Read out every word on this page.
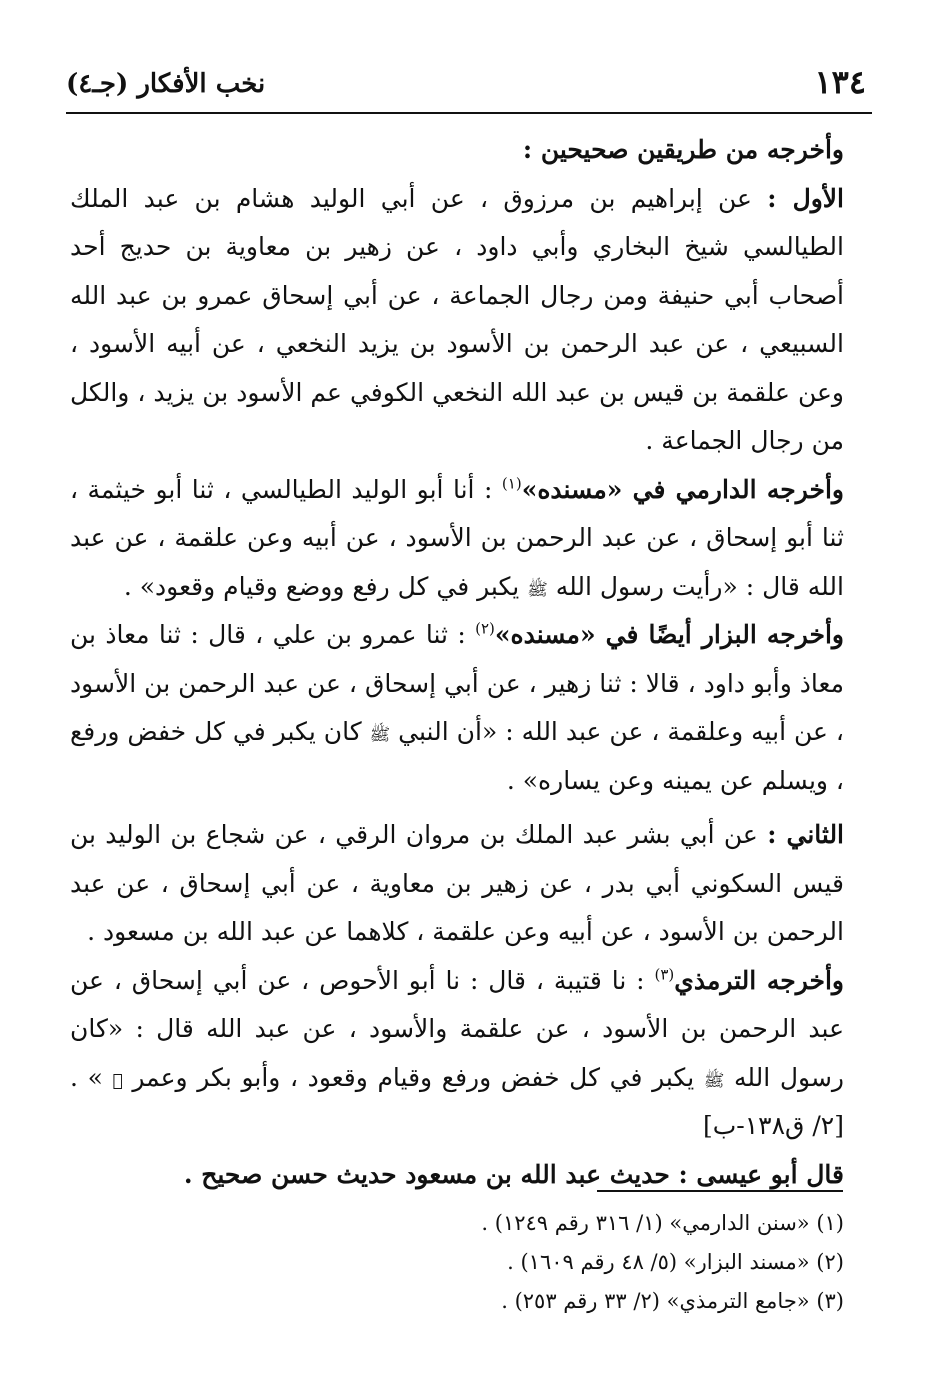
١٣٤
نخب الأفكار (جـ٤)

وأخرجه من طريقين صحيحين :

الأول : عن إبراهيم بن مرزوق ، عن أبي الوليد هشام بن عبد الملك الطيالسي شيخ البخاري وأبي داود ، عن زهير بن معاوية بن حديج أحد أصحاب أبي حنيفة ومن رجال الجماعة ، عن أبي إسحاق عمرو بن عبد الله السبيعي ، عن عبد الرحمن بن الأسود بن يزيد النخعي ، عن أبيه الأسود ، وعن علقمة بن قيس بن عبد الله النخعي الكوفي عم الأسود بن يزيد ، والكل من رجال الجماعة .

وأخرجه الدارمي في «مسنده»$^{(١)}$ : أنا أبو الوليد الطيالسي ، ثنا أبو خيثمة ، ثنا أبو إسحاق ، عن عبد الرحمن بن الأسود ، عن أبيه وعن علقمة ، عن عبد الله قال : «رأيت رسول الله ﷺ يكبر في كل رفع ووضع وقيام وقعود» .

وأخرجه البزار أيضًا في «مسنده»$^{(٢)}$ : ثنا عمرو بن علي ، قال : ثنا معاذ بن معاذ وأبو داود ، قالا : ثنا زهير ، عن أبي إسحاق ، عن عبد الرحمن بن الأسود ، عن أبيه وعلقمة ، عن عبد الله : «أن النبي ﷺ كان يكبر في كل خفض ورفع ، ويسلم عن يمينه وعن يساره» .

الثاني : عن أبي بشر عبد الملك بن مروان الرقي ، عن شجاع بن الوليد بن قيس السكوني أبي بدر ، عن زهير بن معاوية ، عن أبي إسحاق ، عن عبد الرحمن بن الأسود ، عن أبيه وعن علقمة ، كلاهما عن عبد الله بن مسعود .

وأخرجه الترمذي$^{(٣)}$ : نا قتيبة ، قال : نا أبو الأحوص ، عن أبي إسحاق ، عن عبد الرحمن بن الأسود ، عن علقمة والأسود ، عن عبد الله قال : «كان رسول الله ﷺ يكبر في كل خفض ورفع وقيام وقعود ، وأبو بكر وعمر ﷛ » . [٢/ ق١٣٨-ب]

قال أبو عيسى : حديث عبد الله بن مسعود حديث حسن صحيح .

(١) «سنن الدارمي» (١/ ٣١٦ رقم ١٢٤٩) .

(٢) «مسند البزار» (٥/ ٤٨ رقم ١٦٠٩) .

(٣) «جامع الترمذي» (٢/ ٣٣ رقم ٢٥٣) .
